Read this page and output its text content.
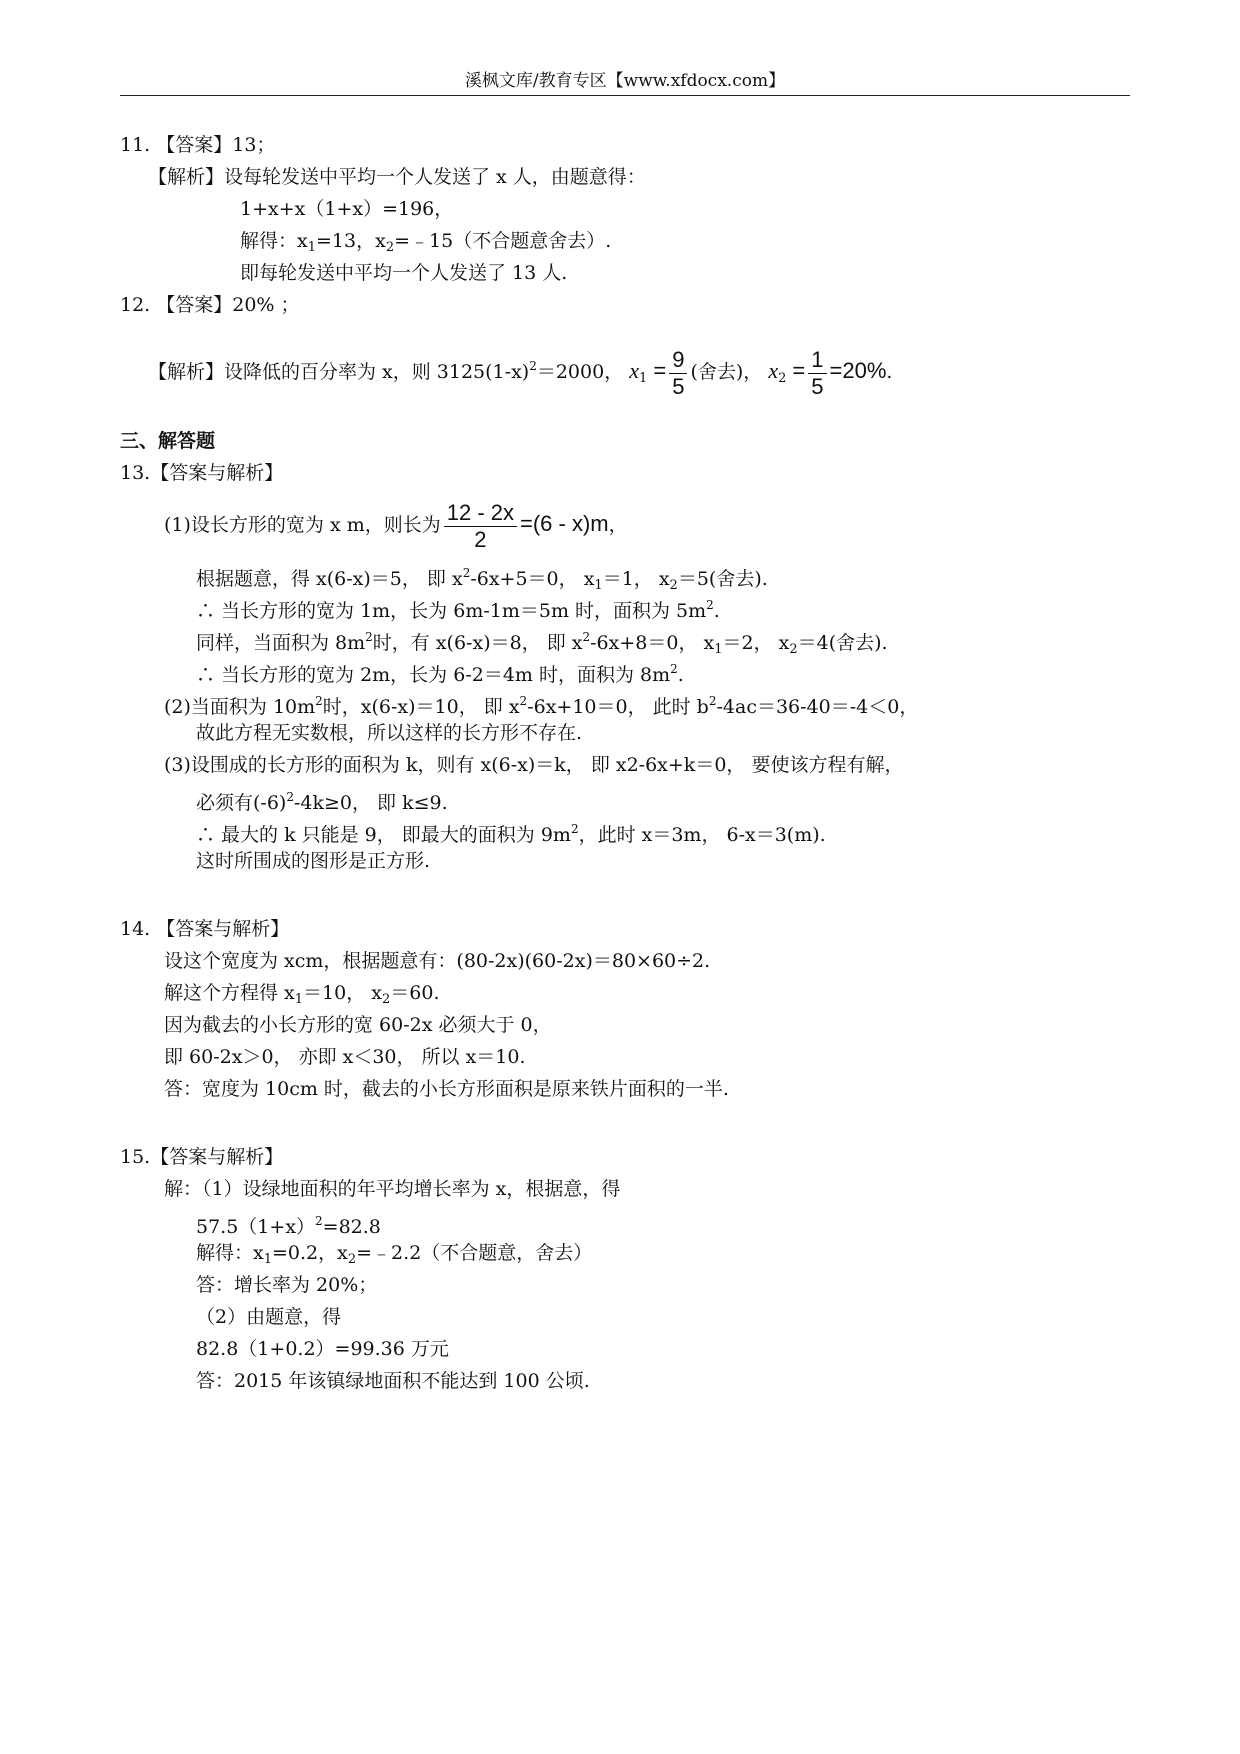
溪枫文库/教育专区【www.xfdocx.com】
11. 【答案】13；
【解析】设每轮发送中平均一个人发送了 x 人，由题意得：
1+x+x（1+x）=196，
解得：$x_1=13$，$x_2=﹣15$（不合题意舍去）.
即每轮发送中平均一个人发送了 13 人.
12. 【答案】20% ；
【解析】设降低的百分率为 x，则 $3125(1-x)^2=2000$， $x_1 = \frac{9}{5}$ (舍去)， $x_2 = \frac{1}{5} =20\%$.
三、解答题
13.【答案与解析】
(1)设长方形的宽为 x m，则长为 $\frac{12 - 2x}{2} =(6 - x)m$，
根据题意，得 x(6-x)＝5， 即 $x^2-6x+5=0$， $x_1=1$， $x_2=5$(舍去).
∴ 当长方形的宽为 1m，长为 6m-1m＝5m 时，面积为 $5m^2$.
同样，当面积为 $8m^2$时，有 x(6-x)＝8， 即 $x^2-6x+8=0$， $x_1=2$， $x_2=4$(舍去).
∴ 当长方形的宽为 2m，长为 6-2＝4m 时，面积为 $8m^2$.
(2)当面积为 $10m^2$时，x(6-x)＝10， 即 $x^2-6x+10=0$， 此时 $b^2-4ac=36-40=-4<0$，
故此方程无实数根，所以这样的长方形不存在.
(3)设围成的长方形的面积为 k，则有 x(6-x)＝k， 即 x2-6x+k＝0， 要使该方程有解，
必须有$(-6)^2-4k\ge 0$， 即 k≤9.
∴ 最大的 k 只能是 9， 即最大的面积为 $9m^2$，此时 x＝3m， 6-x＝3(m).
这时所围成的图形是正方形.
14. 【答案与解析】
设这个宽度为 xcm，根据题意有：(80-2x)(60-2x)＝80×60÷2.
解这个方程得 $x_1=10$， $x_2=60$.
因为截去的小长方形的宽 60-2x 必须大于 0，
即 60-2x＞0， 亦即 x＜30， 所以 x＝10.
答：宽度为 10cm 时，截去的小长方形面积是原来铁片面积的一半.
15.【答案与解析】
解：（1）设绿地面积的年平均增长率为 x，根据意，得
$57.5(1+x)^2=82.8$
解得：$x_1=0.2$，$x_2=﹣2.2$（不合题意，舍去）
答：增长率为 20%；
（2）由题意，得
82.8（1+0.2）=99.36 万元
答：2015 年该镇绿地面积不能达到 100 公顷.
